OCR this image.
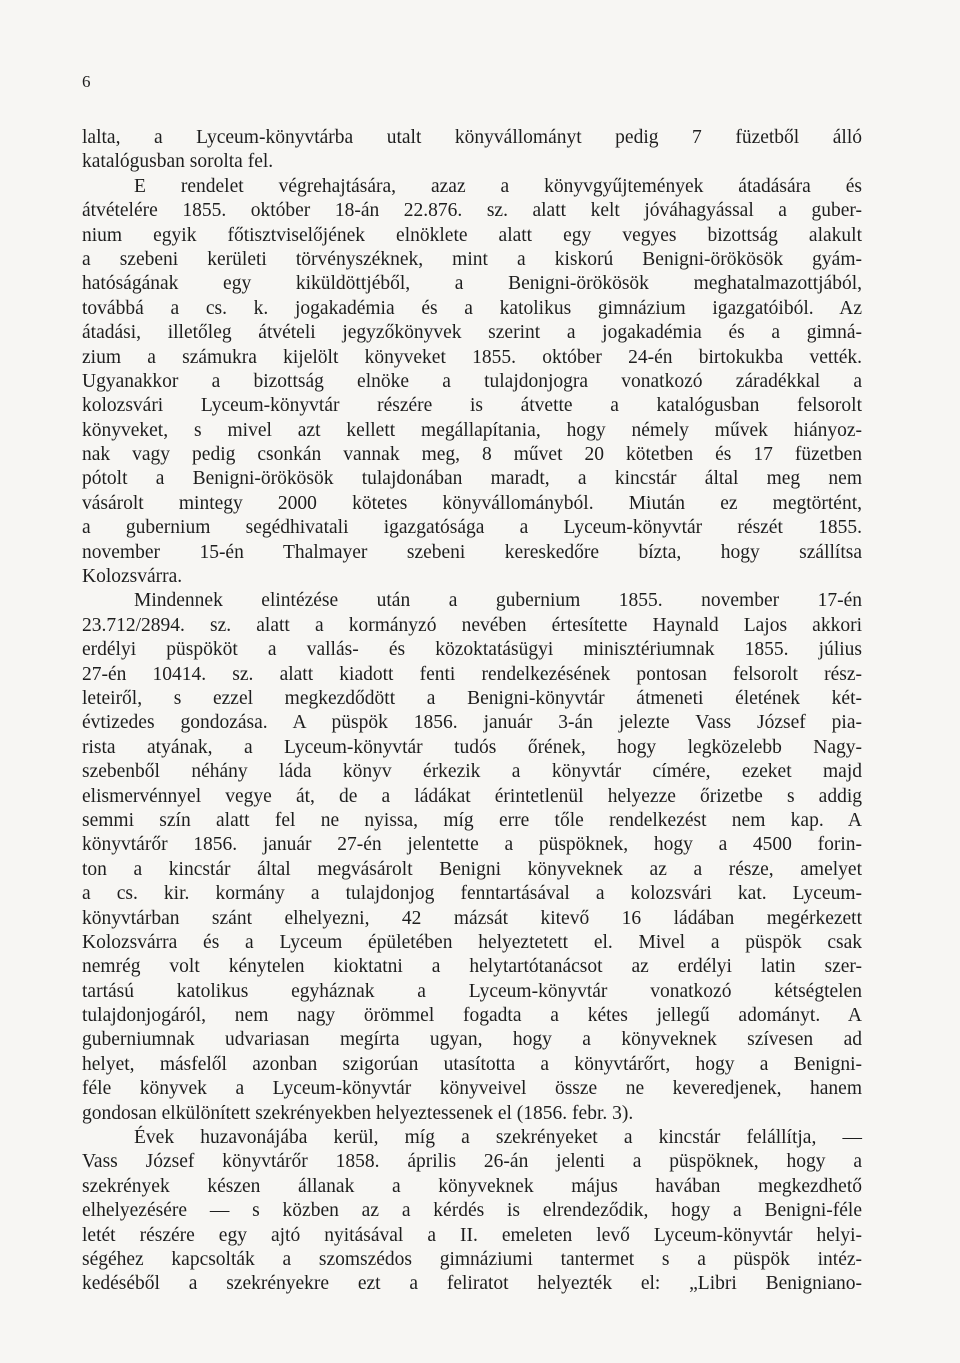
6
lalta, a Lyceum-könyvtárba utalt könyvállományt pedig 7 füzetből álló
katalógusban sorolta fel.
E rendelet végrehajtására, azaz a könyvgyűjtemények átadására és
átvételére 1855. október 18-án 22.876. sz. alatt kelt jóváhagyással a guber-
nium egyik főtisztviselőjének elnöklete alatt egy vegyes bizottság alakult
a szebeni kerületi törvényszéknek, mint a kiskorú Benigni-örökösök gyám-
hatóságának egy kiküldöttjéből, a Benigni-örökösök meghatalmazottjából,
továbbá a cs. k. jogakadémia és a katolikus gimnázium igazgatóiból. Az
átadási, illetőleg átvételi jegyzőkönyvek szerint a jogakadémia és a gimná-
zium a számukra kijelölt könyveket 1855. október 24-én birtokukba vették.
Ugyanakkor a bizottság elnöke a tulajdonjogra vonatkozó záradékkal a
kolozsvári Lyceum-könyvtár részére is átvette a katalógusban felsorolt
könyveket, s mivel azt kellett megállapítania, hogy némely művek hiányoz-
nak vagy pedig csonkán vannak meg, 8 művet 20 kötetben és 17 füzetben
pótolt a Benigni-örökösök tulajdonában maradt, a kincstár által meg nem
vásárolt mintegy 2000 kötetes könyvállományból. Miután ez megtörtént,
a gubernium segédhivatali igazgatósága a Lyceum-könyvtár részét 1855.
november 15-én Thalmayer szebeni kereskedőre bízta, hogy szállítsa
Kolozsvárra.
Mindennek elintézése után a gubernium 1855. november 17-én
23.712/2894. sz. alatt a kormányzó nevében értesítette Haynald Lajos akkori
erdélyi püspököt a vallás- és közoktatásügyi minisztériumnak 1855. július
27-én 10414. sz. alatt kiadott fenti rendelkezésének pontosan felsorolt rész-
leteiről, s ezzel megkezdődött a Benigni-könyvtár átmeneti életének két-
évtizedes gondozása. A püspök 1856. január 3-án jelezte Vass József pia-
rista atyának, a Lyceum-könyvtár tudós őrének, hogy legközelebb Nagy-
szebenből néhány láda könyv érkezik a könyvtár címére, ezeket majd
elismervénnyel vegye át, de a ládákat érintetlenül helyezze őrizetbe s addig
semmi szín alatt fel ne nyissa, míg erre tőle rendelkezést nem kap. A
könyvtárőr 1856. január 27-én jelentette a püspöknek, hogy a 4500 forin-
ton a kincstár által megvásárolt Benigni könyveknek az a része, amelyet
a cs. kir. kormány a tulajdonjog fenntartásával a kolozsvári kat. Lyceum-
könyvtárban szánt elhelyezni, 42 mázsát kitevő 16 ládában megérkezett
Kolozsvárra és a Lyceum épületében helyeztetett el. Mivel a püspök csak
nemrég volt kénytelen kioktatni a helytartótanácsot az erdélyi latin szer-
tartású katolikus egyháznak a Lyceum-könyvtár vonatkozó kétségtelen
tulajdonjogáról, nem nagy örömmel fogadta a kétes jellegű adományt. A
guberniumnak udvariasan megírta ugyan, hogy a könyveknek szívesen ad
helyet, másfelől azonban szigorúan utasította a könyvtárőrt, hogy a Benigni-
féle könyvek a Lyceum-könyvtár könyveivel össze ne keveredjenek, hanem
gondosan elkülönített szekrényekben helyeztessenek el (1856. febr. 3).
Évek huzavonájába kerül, míg a szekrényeket a kincstár felállítja, —
Vass József könyvtárőr 1858. április 26-án jelenti a püspöknek, hogy a
szekrények készen állanak a könyveknek május havában megkezdhető
elhelyezésére — s közben az a kérdés is elrendeződik, hogy a Benigni-féle
letét részére egy ajtó nyitásával a II. emeleten levő Lyceum-könyvtár helyi-
ségéhez kapcsolták a szomszédos gimnáziumi tantermet s a püspök intéz-
kedéséből a szekrényekre ezt a feliratot helyezték el: „Libri Benigniano-
